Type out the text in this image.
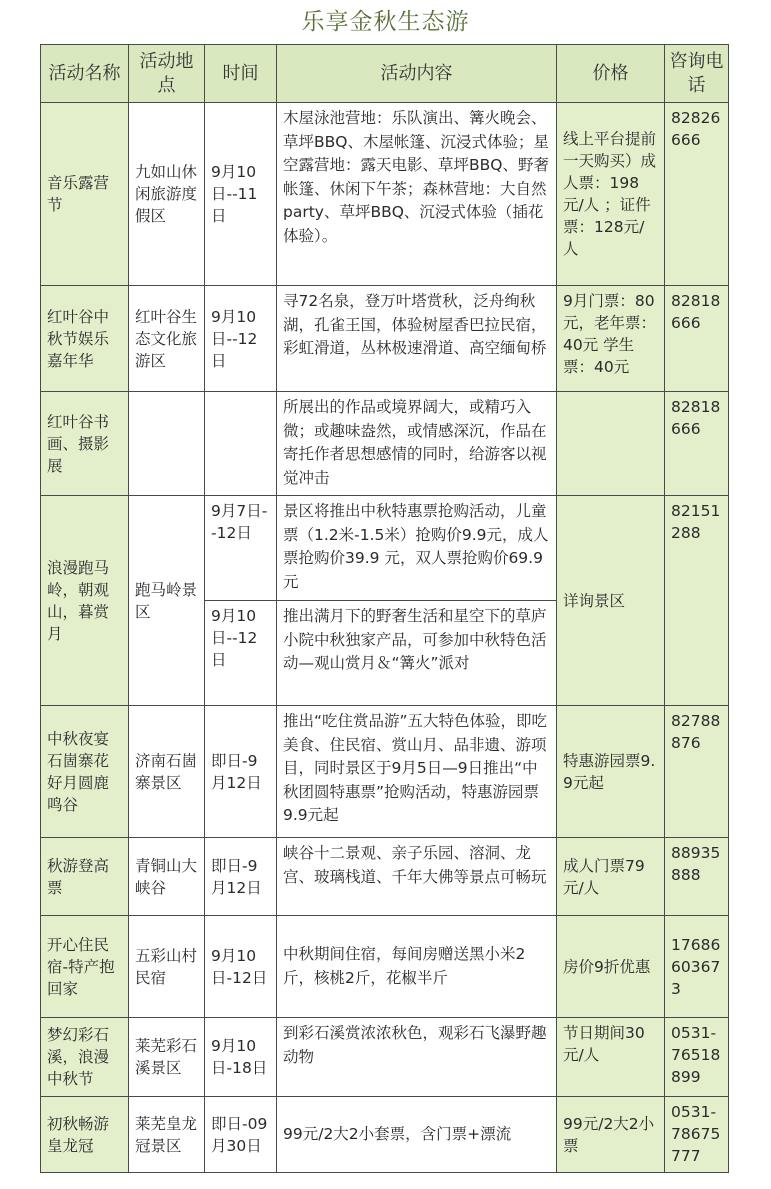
乐享金秋生态游
活动名称	活动地点	时间	活动内容	价格	咨询电话
音乐露营节	九如山休闲旅游度假区	9月10日--11日	木屋泳池营地：乐队演出、篝火晚会、草坪BBQ、木屋帐篷、沉浸式体验；星空露营地：露天电影、草坪BBQ、野奢帐篷、休闲下午茶；森林营地：大自然party、草坪BBQ、沉浸式体验（插花体验）。	线上平台提前一天购买）成人票：198元/人 ；证件票：128元/人	82826666
红叶谷中秋节娱乐嘉年华	红叶谷生态文化旅游区	9月10日--12日	寻72名泉，登万叶塔赏秋，泛舟绚秋湖，孔雀王国，体验树屋香巴拉民宿，彩虹滑道，丛林极速滑道、高空缅甸桥	9月门票：80元，老年票：40元 学生票：40元	82818666
红叶谷书画、摄影展			所展出的作品或境界阔大，或精巧入微；或趣味盎然，或情感深沉，作品在寄托作者思想感情的同时，给游客以视觉冲击		82818666
浪漫跑马岭，朝观山，暮赏月	跑马岭景区	9月7日--12日	景区将推出中秋特惠票抢购活动，儿童票（1.2米-1.5米）抢购价9.9元，成人票抢购价39.9 元，双人票抢购价69.9元	详询景区	82151288
		9月10日--12日	推出满月下的野奢生活和星空下的草庐小院中秋独家产品，可参加中秋特色活动—观山赏月＆“篝火”派对		
中秋夜宴石崮寨花好月圆鹿鸣谷	济南石崮寨景区	即日-9月12日	推出“吃住赏品游”五大特色体验，即吃美食、住民宿、赏山月、品非遗、游项目，同时景区于9月5日—9日推出“中秋团圆特惠票”抢购活动，特惠游园票9.9元起	特惠游园票9.9元起	82788876
秋游登高票	青铜山大峡谷	即日-9月12日	峡谷十二景观、亲子乐园、溶洞、龙宫、玻璃栈道、千年大佛等景点可畅玩	成人门票79元/人	88935888
开心住民宿-特产抱回家	五彩山村民宿	9月10日-12日	中秋期间住宿，每间房赠送黑小米2斤，核桃2斤，花椒半斤	房价9折优惠	17686603673
梦幻彩石溪，浪漫中秋节	莱芜彩石溪景区	9月10日-18日	到彩石溪赏浓浓秋色，观彩石飞瀑野趣动物	节日期间30元/人	0531-76518899
初秋畅游皇龙冠	莱芜皇龙冠景区	即日-09月30日	99元/2大2小套票，含门票+漂流	99元/2大2小票	0531-78675777
